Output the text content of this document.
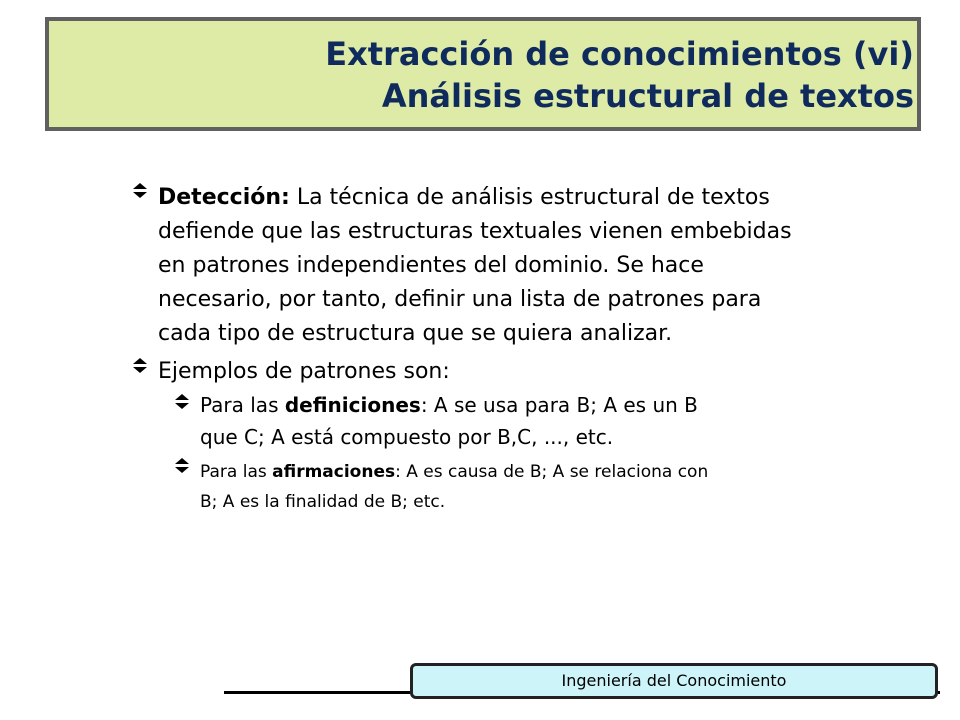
Extracción de conocimientos (vi)
Análisis estructural de textos
Detección: La técnica de análisis estructural de textos
defiende que las estructuras textuales vienen embebidas
en patrones independientes del dominio. Se hace
necesario, por tanto, definir una lista de patrones para
cada tipo de estructura que se quiera analizar.
Ejemplos de patrones son:
Para las definiciones: A se usa para B; A es un B
que C; A está compuesto por B,C, ..., etc.
Para las afirmaciones: A es causa de B; A se relaciona con
B; A es la finalidad de B; etc.
Ingeniería del Conocimiento
